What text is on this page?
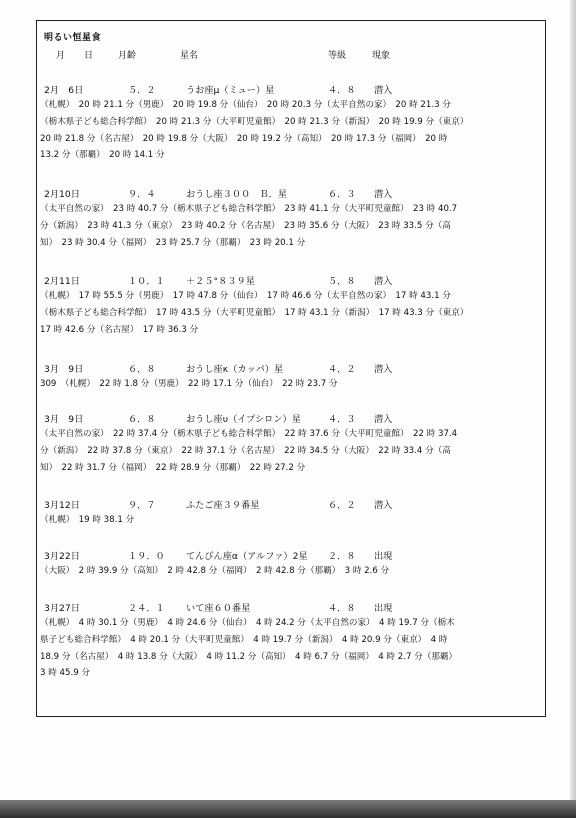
明るい恒星食
月 日	月齢	星名	等級	現象
2月　6日	５．２	うお座μ（ミュー）星	４．８ 潜入
（札幌）　20 時 21.1 分（男鹿）　20 時 19.8 分（仙台）　20 時 20.3 分（太平自然の家）　20 時 21.3 分
（栃木県子ども総合科学館）　20 時 21.3 分（大平町児童館）　20 時 21.3 分（新潟）　20 時 19.9 分（東京）
20 時 21.8 分（名古屋）　20 時 19.8 分（大阪）　20 時 19.2 分（高知）　20 時 17.3 分（福岡）　20 時
13.2 分（那覇）　20 時 14.1 分
2月10日	９．４	おうし座３００　Ｂ．星	６．３ 潜入
（太平自然の家）　23 時 40.7 分（栃木県子ども総合科学館）　23 時 41.1 分（大平町児童館）　23 時 40.7
分（新潟）　23 時 41.3 分（東京）　23 時 40.2 分（名古屋）　23 時 35.6 分（大阪）　23 時 33.5 分（高
知）　23 時 30.4 分（福岡）　23 時 25.7 分（那覇）　23 時 20.1 分
2月11日	１０．１ ＋２５°８３９星	５．８ 潜入
（札幌）　17 時 55.5 分（男鹿）　17 時 47.8 分（仙台）　17 時 46.6 分（太平自然の家）　17 時 43.1 分
（栃木県子ども総合科学館）　17 時 43.5 分（大平町児童館）　17 時 43.1 分（新潟）　17 時 43.3 分（東京）
17 時 42.6 分（名古屋）　17 時 36.3 分
3月　9日	６．８	おうし座κ（カッパ）星	４．２ 潜入
309　（札幌）　22 時 1.8 分（男鹿）　22 時 17.1 分（仙台）　22 時 23.7 分
3月　9日	６．８	おうし座υ（イプシロン）星	４．３ 潜入
（太平自然の家）　22 時 37.4 分（栃木県子ども総合科学館）　22 時 37.6 分（大平町児童館）　22 時 37.4
分（新潟）　22 時 37.8 分（東京）　22 時 37.1 分（名古屋）　22 時 34.5 分（大阪）　22 時 33.4 分（高
知）　22 時 31.7 分（福岡）　22 時 28.9 分（那覇）　22 時 27.2 分
3月12日	９．７	ふたご座３９番星	６．２ 潜入
（札幌）　19 時 38.1 分
3月22日	１９．０ てんびん座α（アルファ）2星 ２．８ 出現
（大阪）　2 時 39.9 分（高知）　2 時 42.8 分（福岡）　2 時 42.8 分（那覇）　3 時 2.6 分
3月27日	２４．１ いて座６０番星	４．８ 出現
（札幌）　4 時 30.1 分（男鹿）　4 時 24.6 分（仙台）　4 時 24.2 分（太平自然の家）　4 時 19.7 分（栃木
県子ども総合科学館）　4 時 20.1 分（大平町児童館）　4 時 19.7 分（新潟）　4 時 20.9 分（東京）　4 時
18.9 分（名古屋）　4 時 13.8 分（大阪）　4 時 11.2 分（高知）　4 時 6.7 分（福岡）　4 時 2.7 分（那覇）
3 時 45.9 分
